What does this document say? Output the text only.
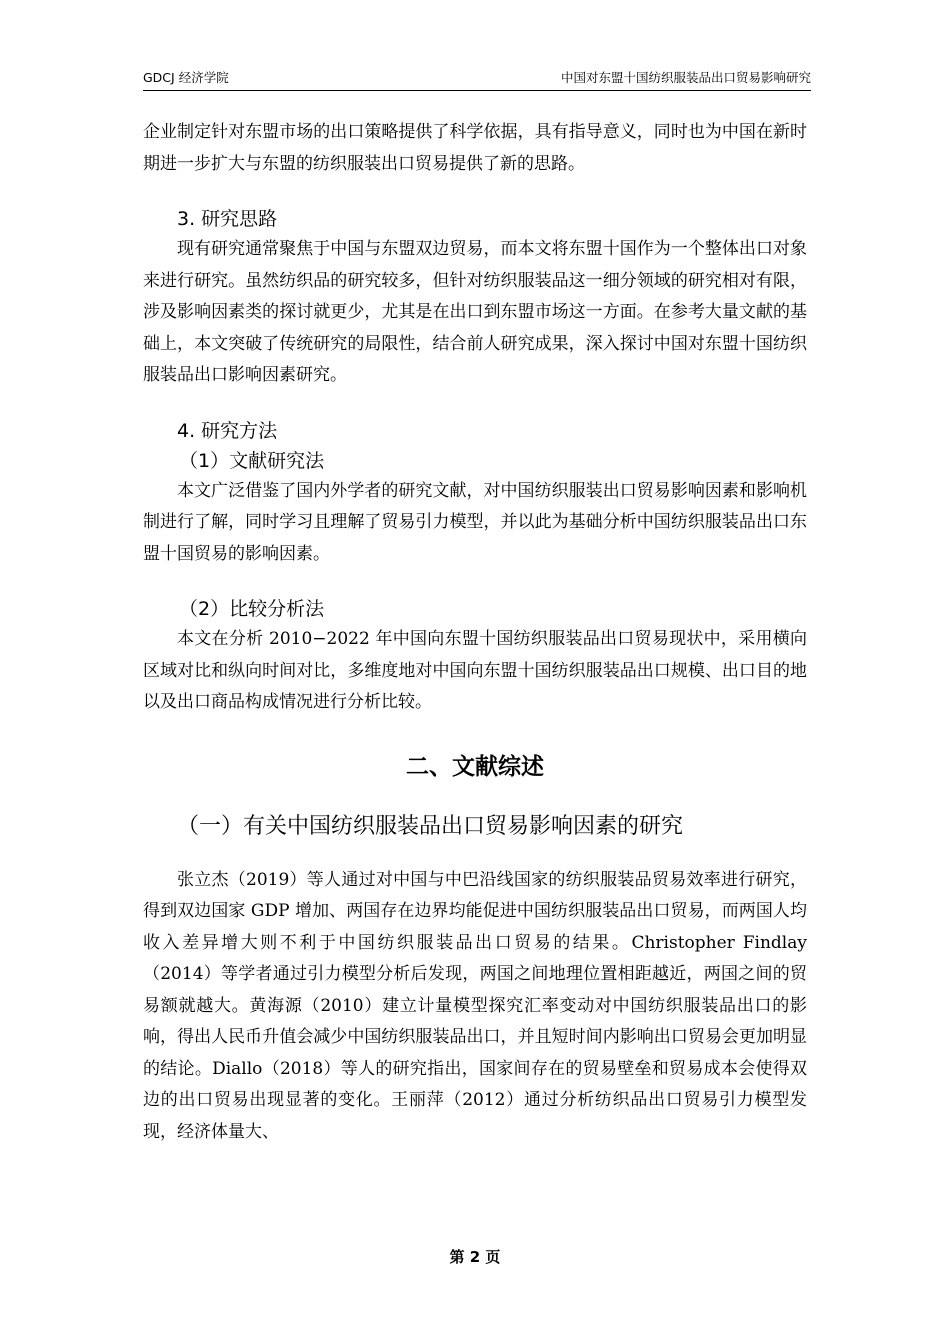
GDCJ 经济学院	中国对东盟十国纺织服装品出口贸易影响研究

企业制定针对东盟市场的出口策略提供了科学依据，具有指导意义，同时也为中国在新时期进一步扩大与东盟的纺织服装出口贸易提供了新的思路。

3. 研究思路

现有研究通常聚焦于中国与东盟双边贸易，而本文将东盟十国作为一个整体出口对象来进行研究。虽然纺织品的研究较多，但针对纺织服装品这一细分领域的研究相对有限，涉及影响因素类的探讨就更少，尤其是在出口到东盟市场这一方面。在参考大量文献的基础上，本文突破了传统研究的局限性，结合前人研究成果，深入探讨中国对东盟十国纺织服装品出口影响因素研究。

4. 研究方法
（1）文献研究法

本文广泛借鉴了国内外学者的研究文献，对中国纺织服装出口贸易影响因素和影响机制进行了解，同时学习且理解了贸易引力模型，并以此为基础分析中国纺织服装品出口东盟十国贸易的影响因素。

（2）比较分析法

本文在分析 2010−2022 年中国向东盟十国纺织服装品出口贸易现状中，采用横向区域对比和纵向时间对比，多维度地对中国向东盟十国纺织服装品出口规模、出口目的地以及出口商品构成情况进行分析比较。

二、文献综述
（一）有关中国纺织服装品出口贸易影响因素的研究

张立杰（2019）等人通过对中国与中巴沿线国家的纺织服装品贸易效率进行研究，得到双边国家 GDP 增加、两国存在边界均能促进中国纺织服装品出口贸易，而两国人均收入差异增大则不利于中国纺织服装品出口贸易的结果。Christopher Findlay（2014）等学者通过引力模型分析后发现，两国之间地理位置相距越近，两国之间的贸易额就越大。黄海源（2010）建立计量模型探究汇率变动对中国纺织服装品出口的影响，得出人民币升值会减少中国纺织服装品出口，并且短时间内影响出口贸易会更加明显的结论。Diallo（2018）等人的研究指出，国家间存在的贸易壁垒和贸易成本会使得双边的出口贸易出现显著的变化。王丽萍（2012）通过分析纺织品出口贸易引力模型发现，经济体量大、

第 2 页
